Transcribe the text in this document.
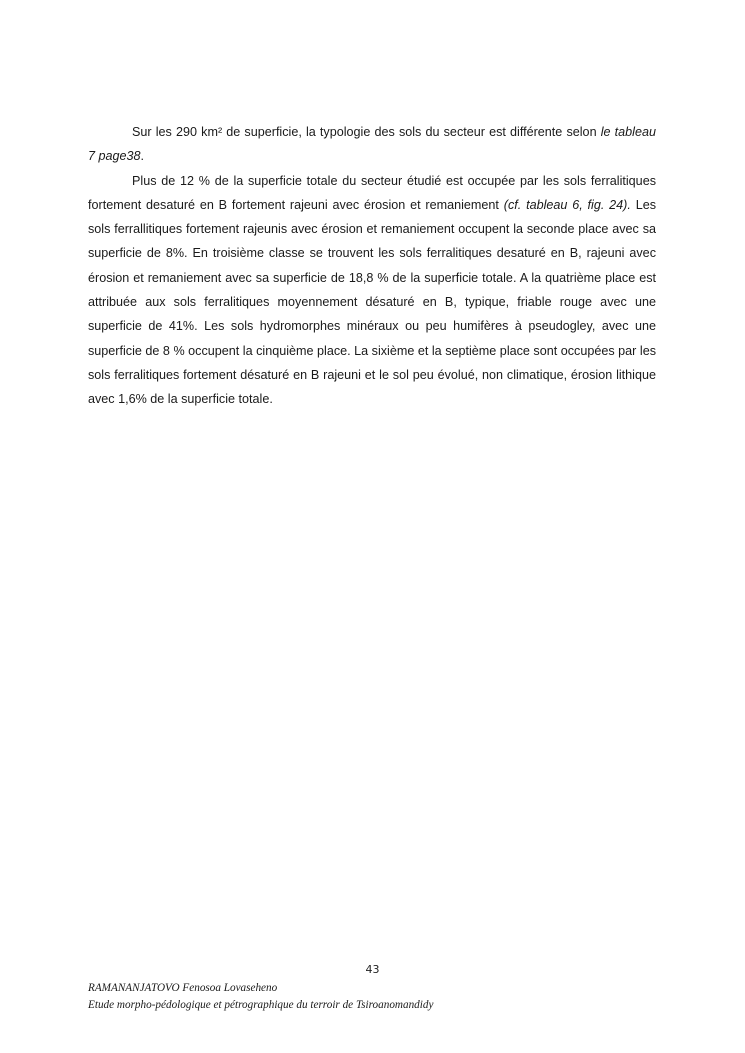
Sur les 290 km² de superficie, la typologie des sols du secteur est différente selon le tableau 7 page38.

Plus de 12 % de la superficie totale du secteur étudié est occupée par les sols ferralitiques fortement desaturé en B fortement rajeuni avec érosion et remaniement (cf. tableau 6, fig. 24). Les sols ferrallitiques fortement rajeunis avec érosion et remaniement occupent la seconde place avec sa superficie de 8%. En troisième classe se trouvent les sols ferralitiques desaturé en B, rajeuni avec érosion et remaniement avec sa superficie de 18,8 % de la superficie totale. A la quatrième place est attribuée aux sols ferralitiques moyennement désaturé en B, typique, friable rouge avec une superficie de 41%. Les sols hydromorphes minéraux ou peu humifères à pseudogley, avec une superficie de 8 % occupent la cinquième place. La sixième et la septième place sont occupées par les sols ferralitiques fortement désaturé en B rajeuni et le sol peu évolué, non climatique, érosion lithique avec 1,6% de la superficie totale.

43
RAMANANJATOVO Fenosoa Lovaseheno
Etude morpho-pédologique et pétrographique du terroir de Tsiroanomandidy
